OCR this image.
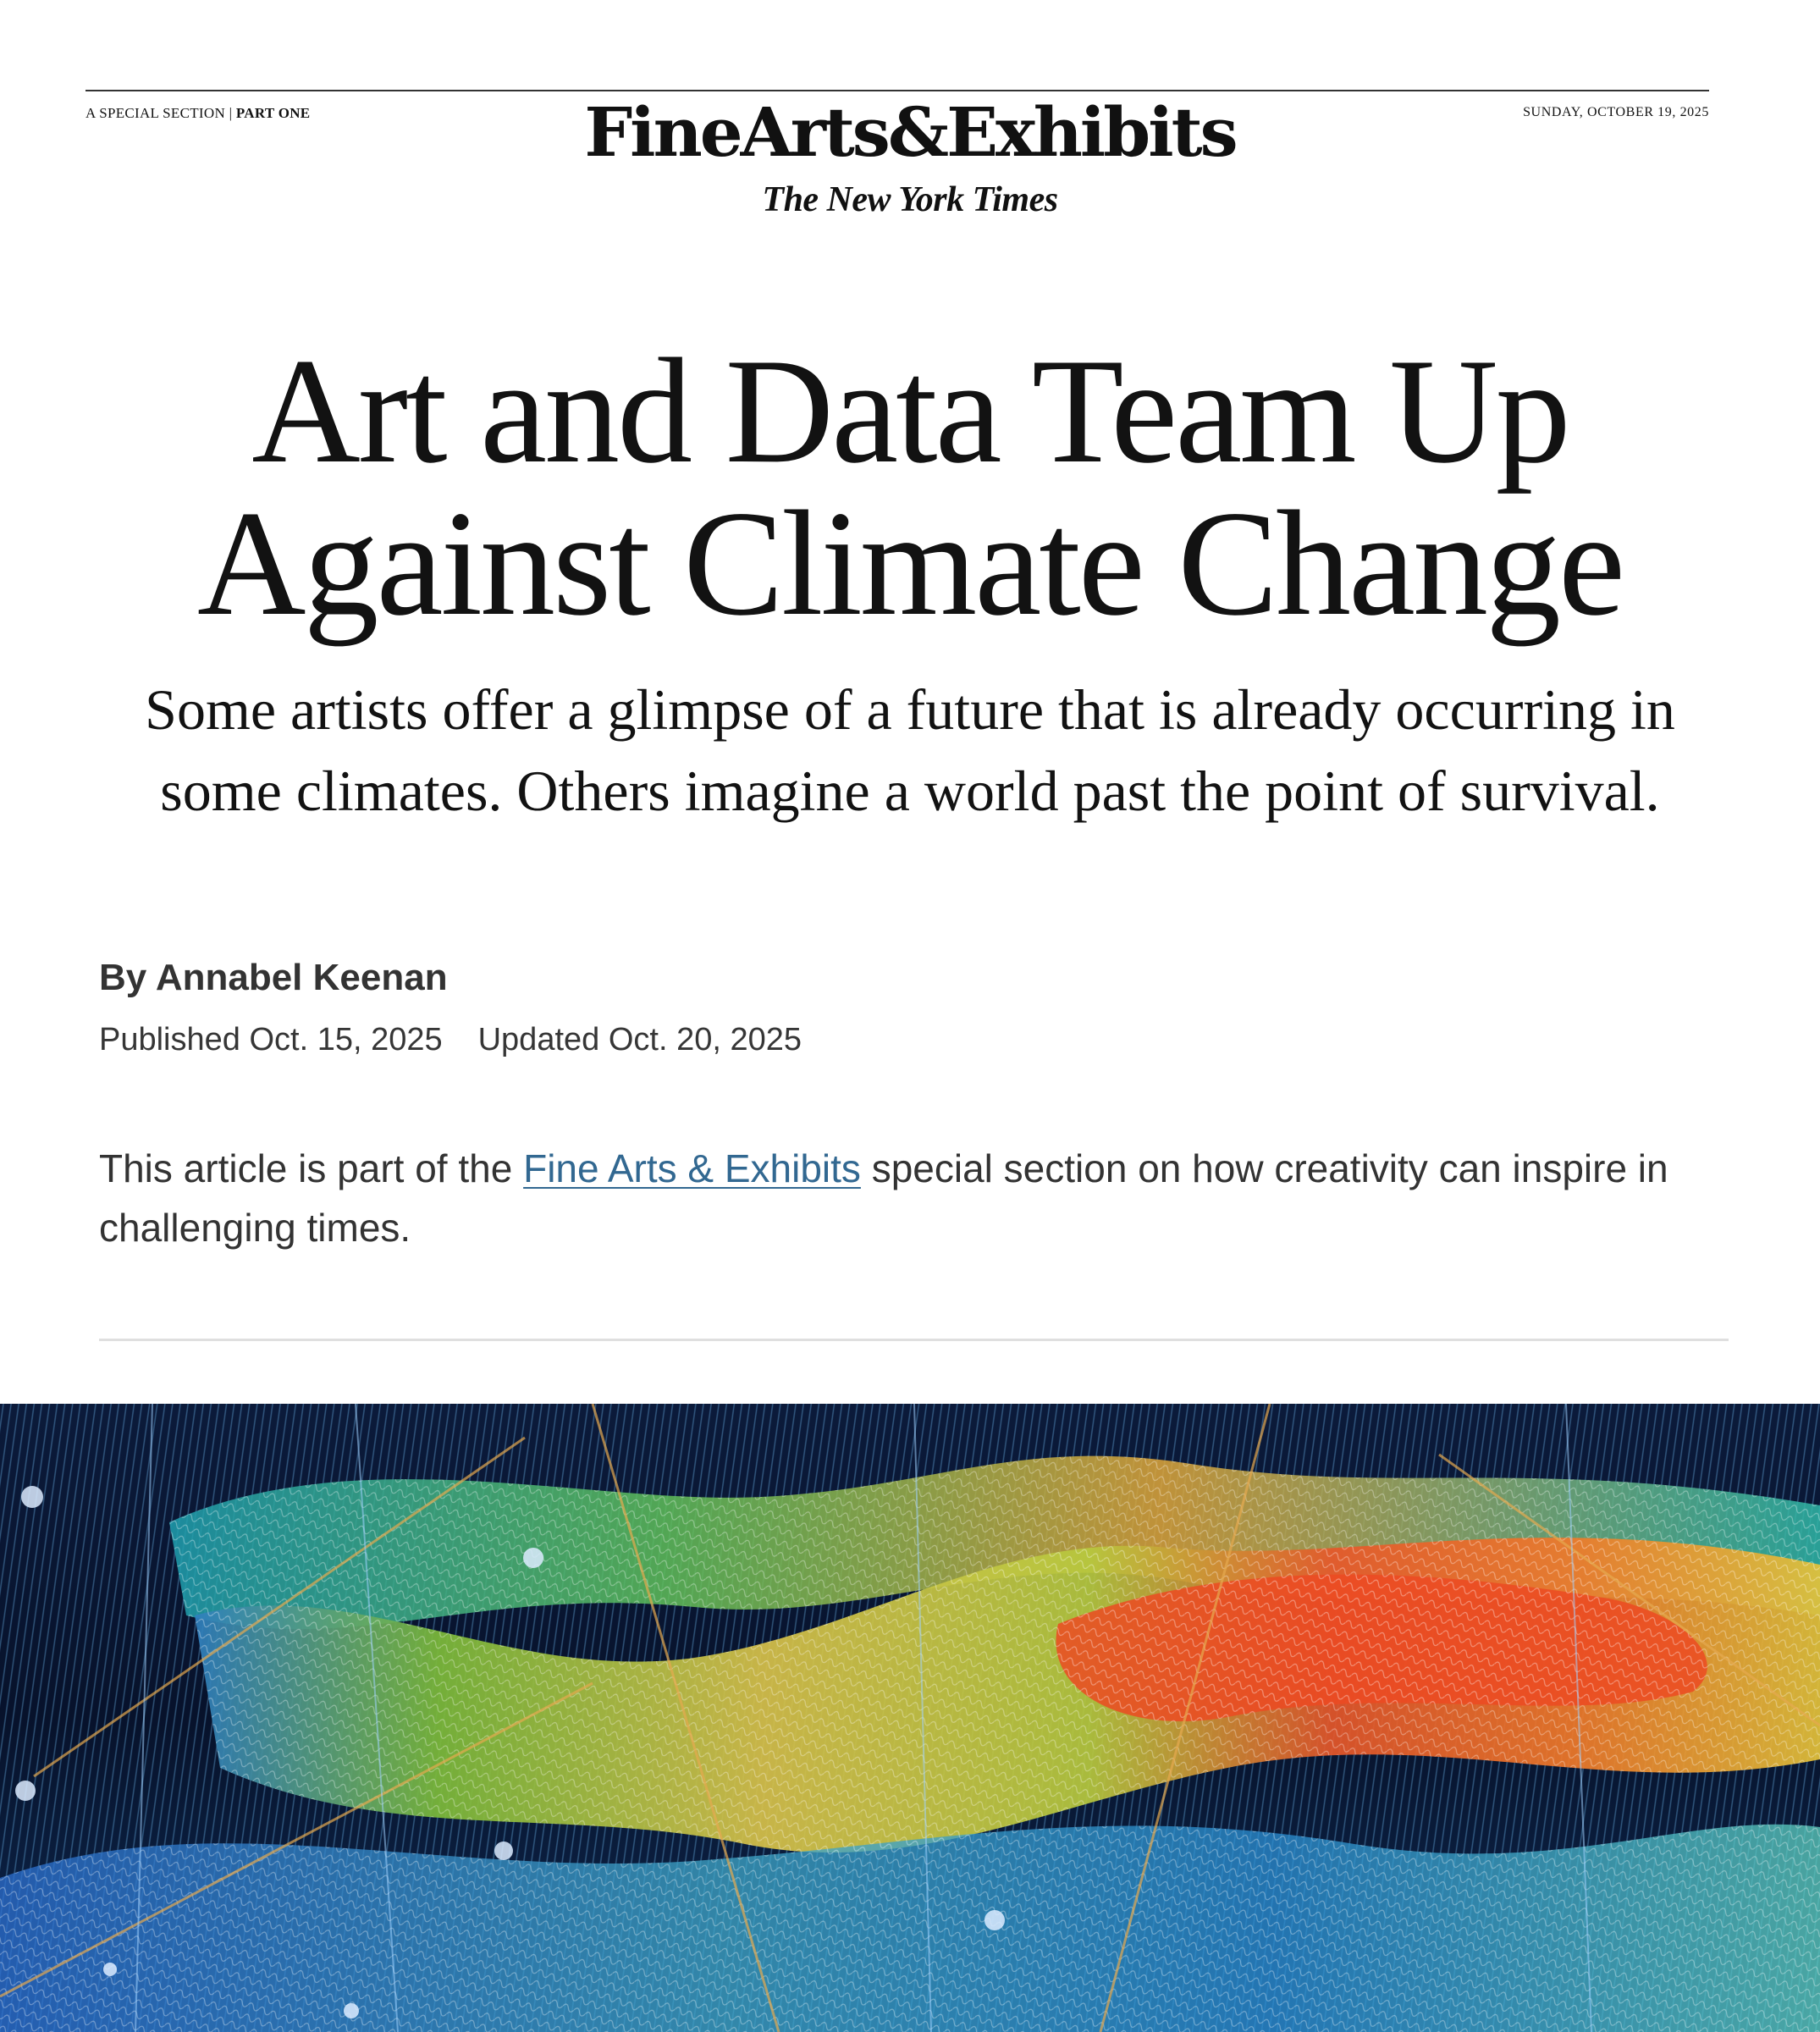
A SPECIAL SECTION | PART ONE	SUNDAY, OCTOBER 19, 2025
FineArts&Exhibits
The New York Times
Art and Data Team Up
Against Climate Change

Some artists offer a glimpse of a future that is already occurring in
some climates. Others imagine a world past the point of survival.

By Annabel Keenan
Published Oct. 15, 2025 Updated Oct. 20, 2025

This article is part of the Fine Arts & Exhibits special section on how creativity can inspire in challenging times.
